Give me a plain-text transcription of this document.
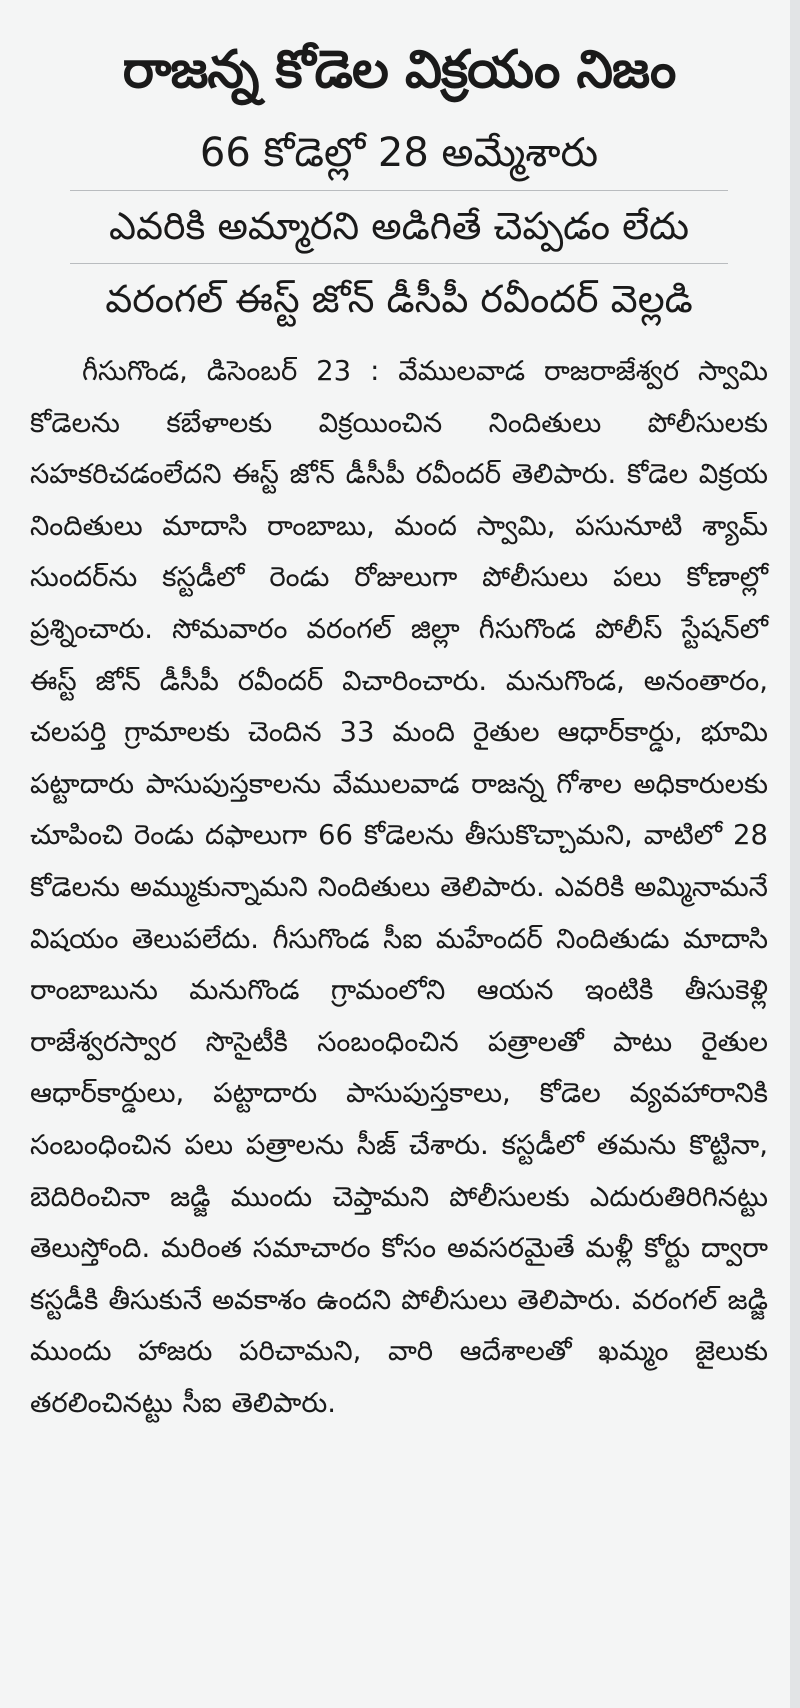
రాజన్న కోడెల విక్రయం నిజం
66 కోడెల్లో 28 అమ్మేశారు
ఎవరికి అమ్మారని అడిగితే చెప్పడం లేదు
వరంగల్ ఈస్ట్ జోన్ డీసీపీ రవీందర్ వెల్లడి

గీసుగొండ, డిసెంబర్ 23 : వేములవాడ రాజరాజేశ్వర స్వామి కోడెలను కబేళాలకు విక్రయించిన నిందితులు పోలీసులకు సహకరిచడంలేదని ఈస్ట్ జోన్ డీసీపీ రవీందర్ తెలిపారు. కోడెల విక్రయ నిందితులు మాదాసి రాంబాబు, మంద స్వామి, పసునూటి శ్యామ్ సుందర్‌ను కస్టడీలో రెండు రోజులుగా పోలీసులు పలు కోణాల్లో ప్రశ్నించారు. సోమవారం వరంగల్ జిల్లా గీసుగొండ పోలీస్ స్టేషన్‌లో ఈస్ట్ జోన్ డీసీపీ రవీందర్ విచారించారు. మనుగొండ, అనంతారం, చలపర్తి గ్రామాలకు చెందిన 33 మంది రైతుల ఆధార్‌కార్డు, భూమి పట్టాదారు పాసుపుస్తకాలను వేములవాడ రాజన్న గోశాల అధికారులకు చూపించి రెండు దఫాలుగా 66 కోడెలను తీసుకొచ్చామని, వాటిలో 28 కోడెలను అమ్ముకున్నామని నిందితులు తెలిపారు. ఎవరికి అమ్మినామనే విషయం తెలుపలేదు. గీసుగొండ సీఐ మహేందర్ నిందితుడు మాదాసి రాంబాబును మనుగొండ గ్రామంలోని ఆయన ఇంటికి తీసుకెళ్లి రాజేశ్వరస్వార సొసైటీకి సంబంధించిన పత్రాలతో పాటు రైతుల ఆధార్‌కార్డులు, పట్టాదారు పాసుపుస్తకాలు, కోడెల వ్యవహారానికి సంబంధించిన పలు పత్రాలను సీజ్ చేశారు. కస్టడీలో తమను కొట్టినా, బెదిరించినా జడ్జి ముందు చెప్తామని పోలీసులకు ఎదురుతిరిగినట్టు తెలుస్తోంది. మరింత సమాచారం కోసం అవసరమైతే మళ్లీ కోర్టు ద్వారా కస్టడీకి తీసుకునే అవకాశం ఉందని పోలీసులు తెలిపారు. వరంగల్ జడ్జి ముందు హాజరు పరిచామని, వారి ఆదేశాలతో ఖమ్మం జైలుకు తరలించినట్టు సీఐ తెలిపారు.
